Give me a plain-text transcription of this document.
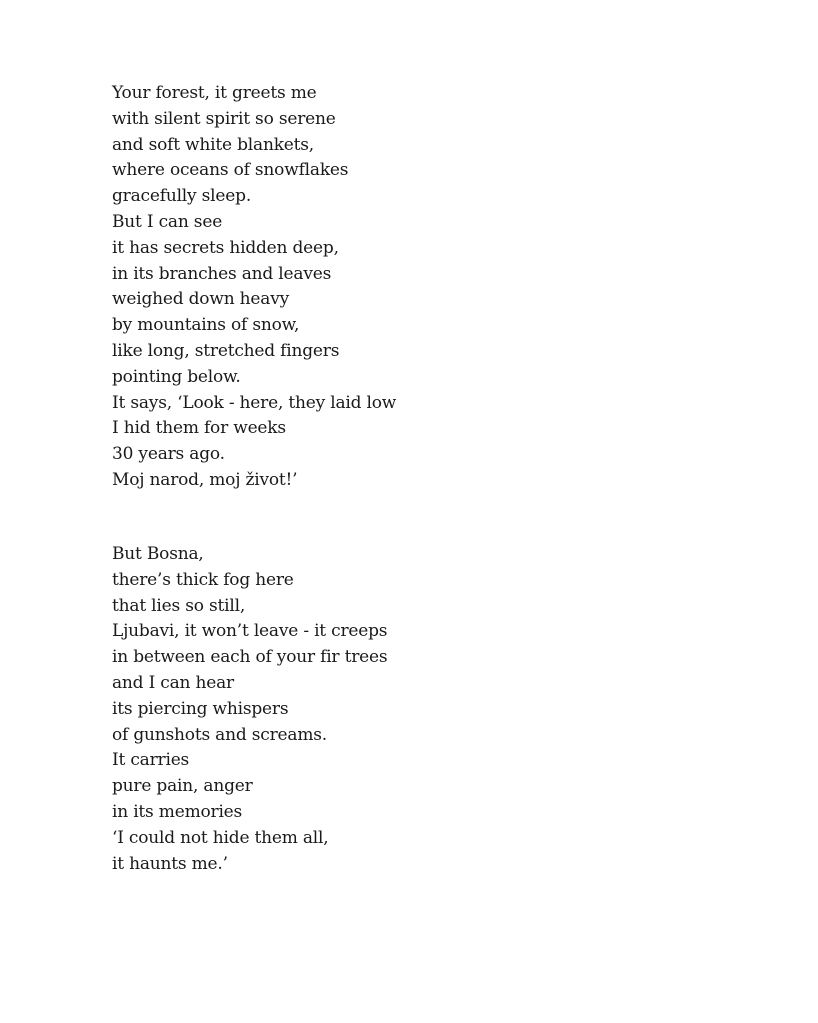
Your forest, it greets me
with silent spirit so serene
and soft white blankets,
where oceans of snowflakes
gracefully sleep.
But I can see
it has secrets hidden deep,
in its branches and leaves
weighed down heavy
by mountains of snow,
like long, stretched fingers
pointing below.
It says, ‘Look - here, they laid low
I hid them for weeks
30 years ago.
Moj narod, moj život!’
But Bosna,
there’s thick fog here
that lies so still,
Ljubavi, it won’t leave - it creeps
in between each of your fir trees
and I can hear
its piercing whispers
of gunshots and screams.
It carries
pure pain, anger
in its memories
‘I could not hide them all,
it haunts me.’
